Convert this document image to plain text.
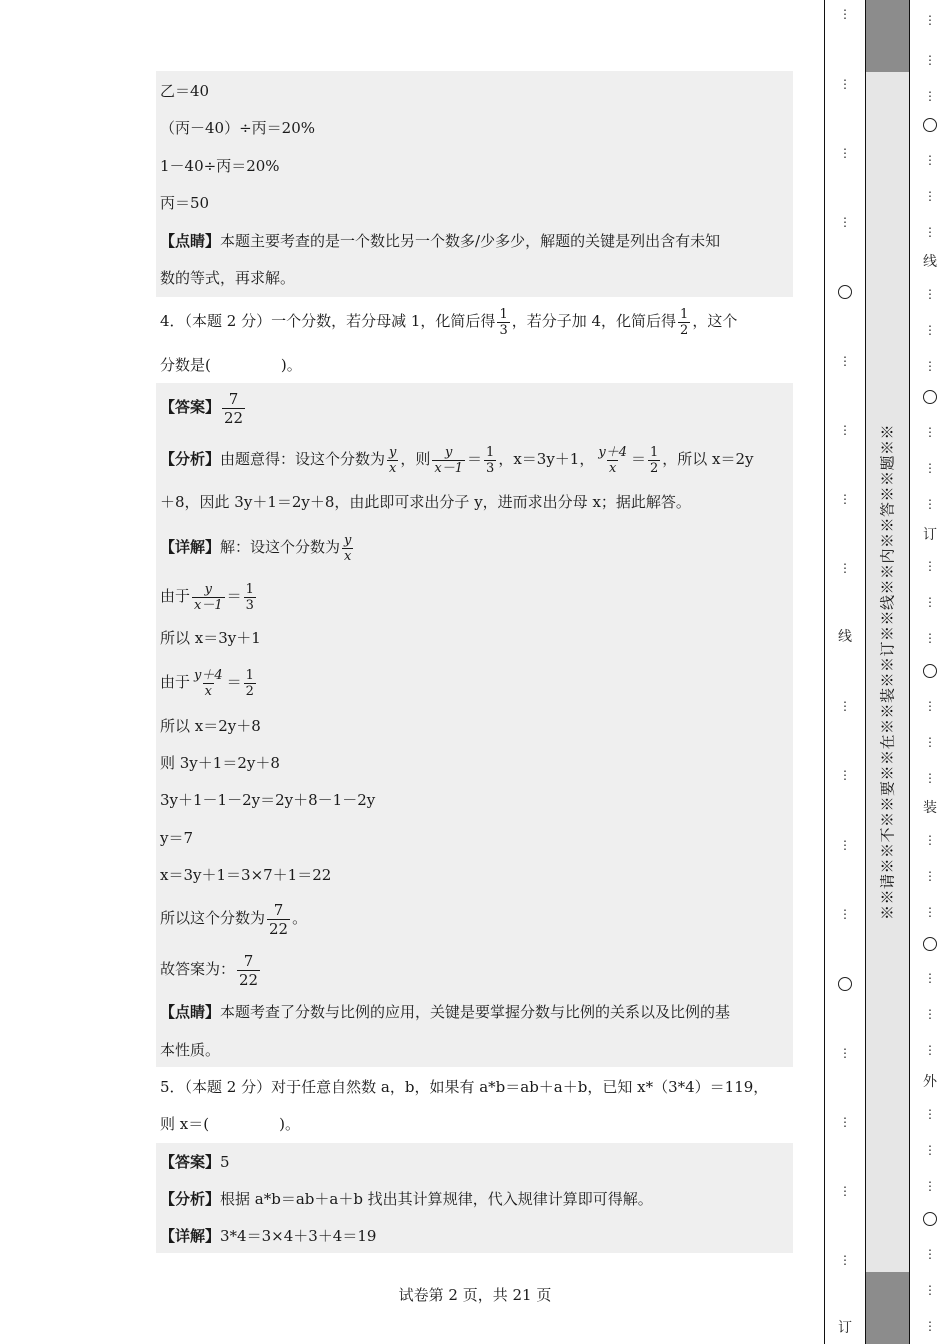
乙＝40
（丙－40）÷丙＝20%
1－40÷丙＝20%
丙＝50
【点睛】本题主要考查的是一个数比另一个数多/少多少，解题的关键是列出含有未知
数的等式，再求解。
4．（本题 2 分）一个分数，若分母减 1，化简后得 $\frac{1}{3}$ ，若分子加 4，化简后得 $\frac{1}{2}$ ，这个
分数是(	)。
【答案】 $\frac{7}{22}$
【分析】由题意得：设这个分数为 $\frac{y}{x}$ ，则 $\frac{y}{x-1} = \frac{1}{3}$ ，x＝3y＋1， $\frac{y+4}{x} = \frac{1}{2}$ ，所以 x＝2y
＋8，因此 3y＋1＝2y＋8，由此即可求出分子 y，进而求出分母 x；据此解答。
【详解】解：设这个分数为 $\frac{y}{x}$
由于 $\frac{y}{x-1} = \frac{1}{3}$
所以 x＝3y＋1
由于 $\frac{y+4}{x} = \frac{1}{2}$
所以 x＝2y＋8
则 3y＋1＝2y＋8
3y＋1－1－2y＝2y＋8－1－2y
y＝7
x＝3y＋1＝3×7＋1＝22
所以这个分数为 $\frac{7}{22}$ 。
故答案为： $\frac{7}{22}$
【点睛】本题考查了分数与比例的应用，关键是要掌握分数与比例的关系以及比例的基
本性质。
5．（本题 2 分）对于任意自然数 a，b，如果有 a*b＝ab＋a＋b，已知 x*（3*4）＝119，
则 x＝(	)。
【答案】5
【分析】根据 a*b＝ab＋a＋b 找出其计算规律，代入规律计算即可得解。
【详解】3*4＝3×4＋3＋4＝19
试卷第 2 页，共 21 页
※※请※※不※※要※※在※※装※※订※※线※※内※※答※※题※※
⋮
⋮
⋮
⋮
⋮
⋮
⋮
⋮
线
⋮
⋮
⋮
⋮
⋮
⋮
⋮
⋮
订
⋮
⋮
⋮
⋮
⋮
⋮
线
⋮
⋮
⋮
⋮
⋮
⋮
订
⋮
⋮
⋮
⋮
⋮
⋮
装
⋮
⋮
⋮
⋮
⋮
⋮
外
⋮
⋮
⋮
⋮
⋮
⋮
